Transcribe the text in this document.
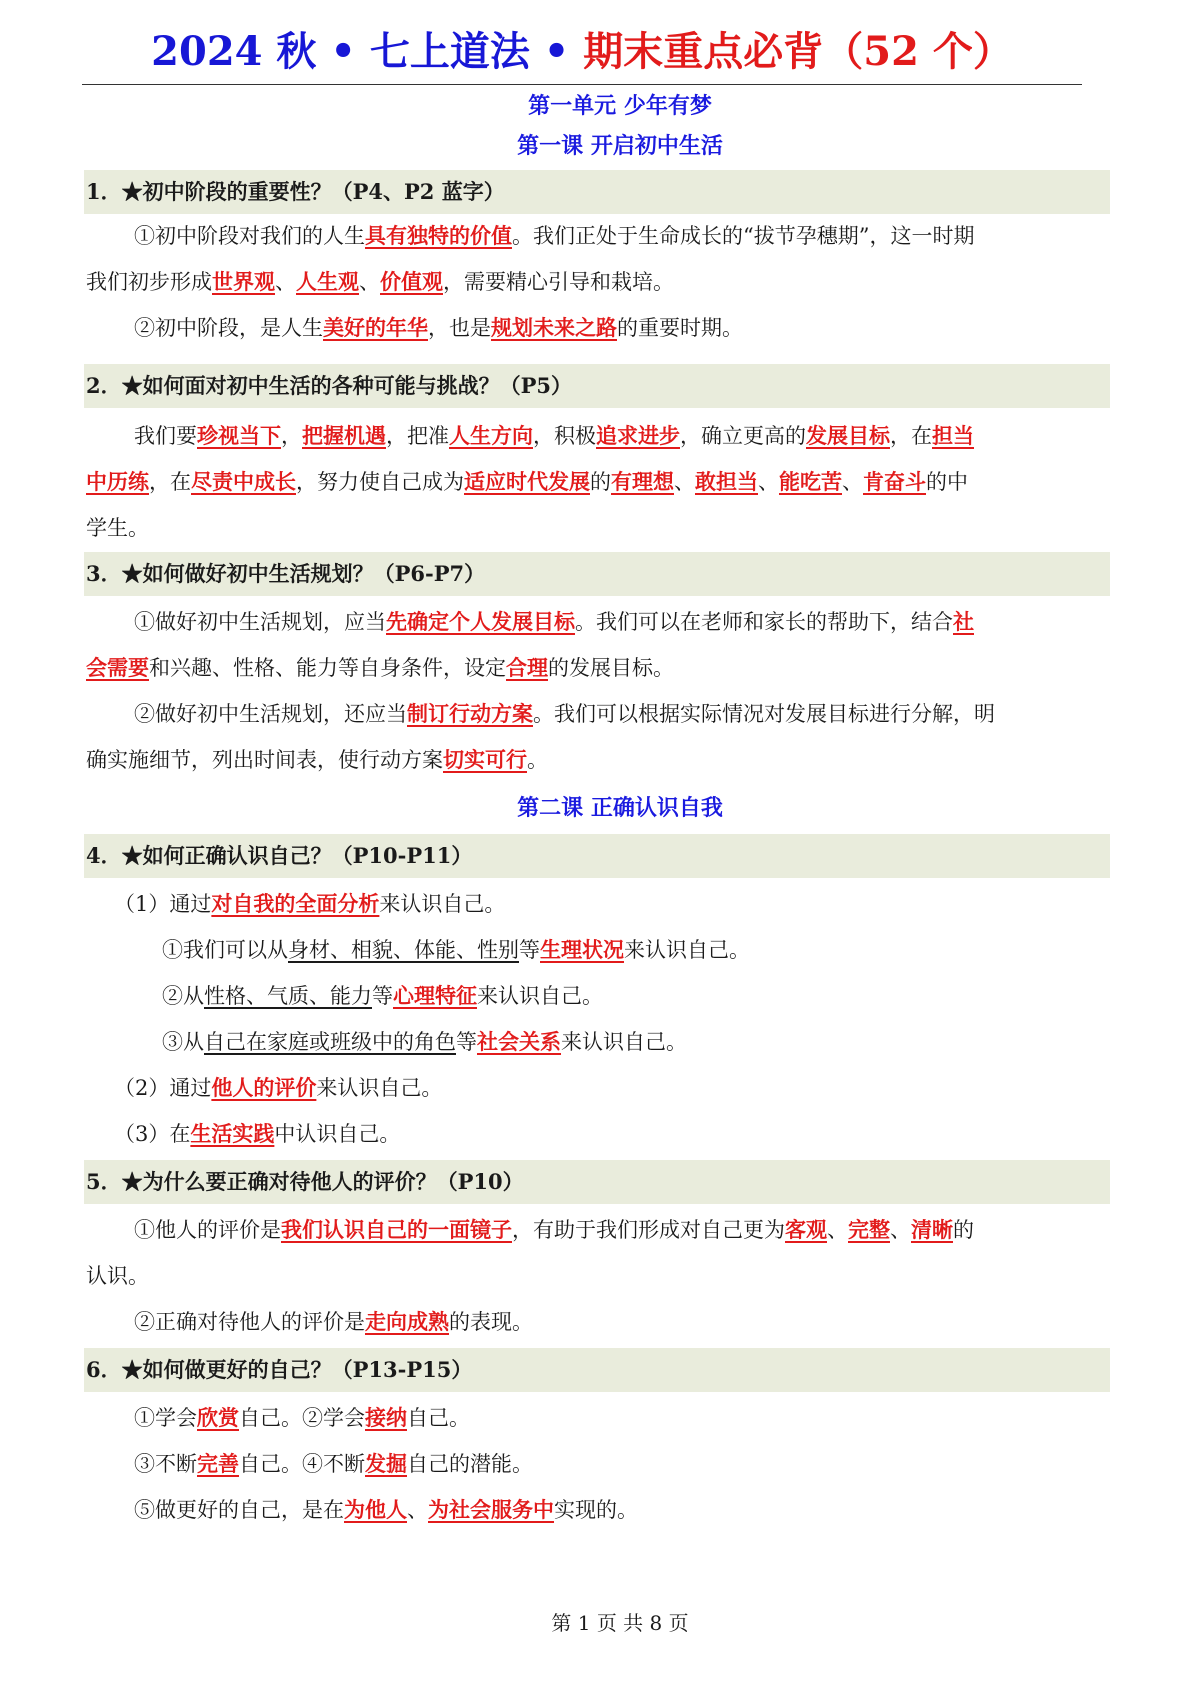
2024 秋 • 七上道法 • 期末重点必背（52 个）
第一单元 少年有梦
第一课 开启初中生活
1．★初中阶段的重要性？（P4、P2 蓝字）
①初中阶段对我们的人生具有独特的价值。我们正处于生命成长的“拔节孕穗期”，这一时期
我们初步形成世界观、人生观、价值观，需要精心引导和栽培。
②初中阶段，是人生美好的年华，也是规划未来之路的重要时期。
2．★如何面对初中生活的各种可能与挑战？（P5）
我们要珍视当下，把握机遇，把准人生方向，积极追求进步，确立更高的发展目标，在担当
中历练，在尽责中成长，努力使自己成为适应时代发展的有理想、敢担当、能吃苦、肯奋斗的中
学生。
3．★如何做好初中生活规划？（P6-P7）
①做好初中生活规划，应当先确定个人发展目标。我们可以在老师和家长的帮助下，结合社
会需要和兴趣、性格、能力等自身条件，设定合理的发展目标。
②做好初中生活规划，还应当制订行动方案。我们可以根据实际情况对发展目标进行分解，明
确实施细节，列出时间表，使行动方案切实可行。
第二课 正确认识自我
4．★如何正确认识自己？（P10-P11）
（1）通过对自我的全面分析来认识自己。
①我们可以从身材、相貌、体能、性别等生理状况来认识自己。
②从性格、气质、能力等心理特征来认识自己。
③从自己在家庭或班级中的角色等社会关系来认识自己。
（2）通过他人的评价来认识自己。
（3）在生活实践中认识自己。
5．★为什么要正确对待他人的评价？（P10）
①他人的评价是我们认识自己的一面镜子，有助于我们形成对自己更为客观、完整、清晰的
认识。
②正确对待他人的评价是走向成熟的表现。
6．★如何做更好的自己？（P13-P15）
①学会欣赏自己。②学会接纳自己。
③不断完善自己。④不断发掘自己的潜能。
⑤做更好的自己，是在为他人、为社会服务中实现的。
第 1 页 共 8 页
